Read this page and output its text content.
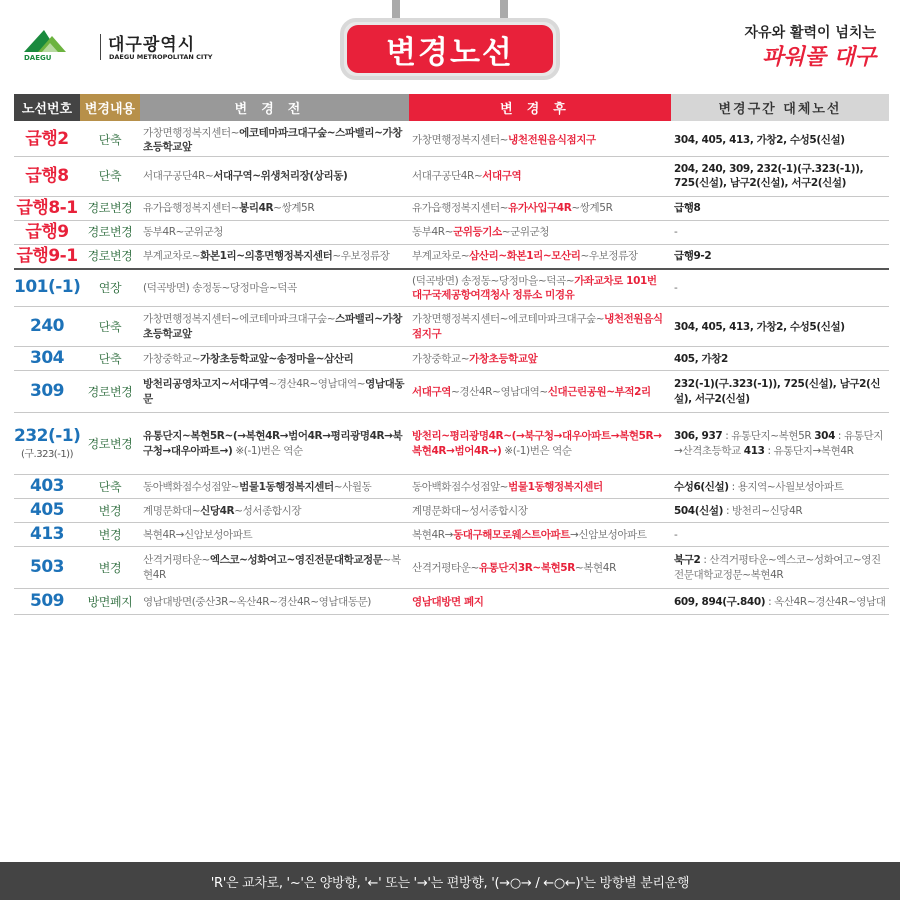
DAEGU
대구광역시
DAEGU METROPOLITAN CITY	변경노선
자유와 활력이 넘치는
파워풀 대구
노선번호	변경내용	변경전	변경후	변경구간 대체노선
급행2	단축	가창면행정복지센터~에코테마파크대구숲~스파밸리~가창초등학교앞	가창면행정복지센터~냉천전원음식점지구	304, 405, 413, 가창2, 수성5(신설)
급행8	단축	서대구공단4R~서대구역~위생처리장(상리동)	서대구공단4R~서대구역	204, 240, 309, 232(-1)(구.323(-1)), 725(신설), 남구2(신설), 서구2(신설)
급행8-1	경로변경	유가읍행정복지센터~봉리4R~쌍계5R	유가읍행정복지센터~유가사입구4R~쌍계5R	급행8
급행9	경로변경	동부4R~군위군청	동부4R~군위등기소~군위군청	-
급행9-1	경로변경	부계교차로~화본1리~의흥면행정복지센터~우보정류장	부계교차로~삼산리~화본1리~모산리~우보정류장	급행9-2
101(-1)	연장	(덕곡방면) 송정동~당정마을~덕곡	(덕곡방면) 송정동~당정마을~덕곡~가좌교차로 101번 대구국제공항여객청사 정류소 미경유	-
240	단축	가창면행정복지센터~에코테마파크대구숲~스파밸리~가창초등학교앞	가창면행정복지센터~에코테마파크대구숲~냉천전원음식점지구	304, 405, 413, 가창2, 수성5(신설)
304	단축	가창중학교~가창초등학교앞~송정마을~삼산리	가창중학교~가창초등학교앞	405, 가창2
309	경로변경	방천리공영차고지~서대구역~경산4R~영남대역~영남대동문	서대구역~경산4R~영남대역~신대근린공원~부적2리	232(-1)(구.323(-1)), 725(신설), 남구2(신설), 서구2(신설)
232(-1)
(구.323(-1))	경로변경	유통단지~복현5R~(→복현4R→범어4R→평리광명4R→북구청→대우아파트→) ※(-1)번은 역순	방천리~평리광명4R~(→북구청→대우아파트→복현5R→복현4R→범어4R→) ※(-1)번은 역순	306, 937 : 유통단지~복현5R 304 : 유통단지→산격초등학교 413 : 유통단지→복현4R
403	단축	동아백화점수성점앞~범물1동행정복지센터~사월동	동아백화점수성점앞~범물1동행정복지센터	수성6(신설) : 용지역~사월보성아파트
405	변경	계명문화대~신당4R~성서종합시장	계명문화대~성서종합시장	504(신설) : 방천리~신당4R
413	변경	복현4R→신암보성아파트	복현4R→동대구해모로웨스트아파트→신암보성아파트	-
503	변경	산격거평타운~엑스코~성화여고~영진전문대학교정문~복현4R	산격거평타운~유통단지3R~복현5R~복현4R	북구2 : 산격거평타운~엑스코~성화여고~영진전문대학교정문~복현4R
509	방면폐지	영남대방면(중산3R~옥산4R~경산4R~영남대동문)	영남대방면 폐지	609, 894(구.840) : 옥산4R~경산4R~영남대
'R'은 교차로, '~'은 양방향, '←' 또는 '→'는 편방향, '(→○→ / ←○←)'는 방향별 분리운행
